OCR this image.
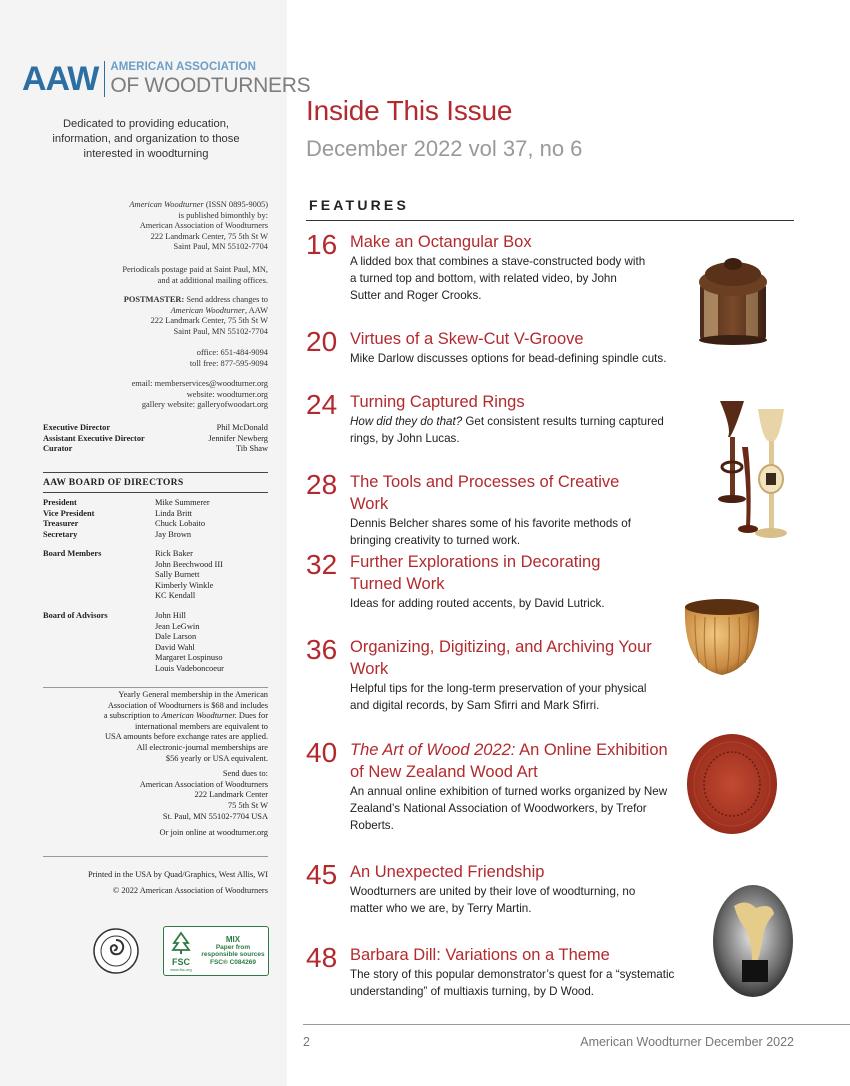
AAW AMERICAN ASSOCIATION
OF WOODTURNERS
Dedicated to providing education, information, and organization to those interested in woodturning

American Woodturner (ISSN 0895-9005)

is published bimonthly by:

American Association of Woodturners

222 Landmark Center, 75 5th St W

Saint Paul, MN 55102-7704

Periodicals postage paid at Saint Paul, MN,

and at additional mailing offices.

POSTMASTER: Send address changes to

American Woodturner, AAW

222 Landmark Center, 75 5th St W

Saint Paul, MN 55102-7704

office: 651-484-9094

toll free: 877-595-9094

email: memberservices@woodturner.org

website: woodturner.org

gallery website: galleryofwoodart.org

Executive Director	Phil McDonald
Assistant Executive Director	Jennifer Newberg
Curator	Tib Shaw
AAW BOARD OF DIRECTORS
President	Mike Summerer
Vice President	Linda Britt
Treasurer	Chuck Lobaito
Secretary	Jay Brown
Board Members	Rick Baker
John Beechwood III
Sally Burnett
Kimberly Winkle
KC Kendall
Board of Advisors	John Hill
Jean LeGwin
Dale Larson
David Wahl
Margaret Lospinuso
Louis Vadeboncoeur

Yearly General membership in the American

Association of Woodturners is $68 and includes

a subscription to American Woodturner. Dues for

international members are equivalent to

USA amounts before exchange rates are applied.

All electronic-journal memberships are

$56 yearly or USA equivalent.

Send dues to:

American Association of Woodturners

222 Landmark Center

75 5th St W

St. Paul, MN 55102-7704 USA

Or join online at woodturner.org

Printed in the USA by Quad/Graphics, West Allis, WI

© 2022 American Association of Woodturners

FSC
www.fsc.org
MIX
Paper from
responsible sources
FSC® C084269
Inside This Issue
December 2022 vol 37, no 6
FEATURES
16 Make an Octangular Box
A lidded box that combines a stave-constructed body with a turned top and bottom, with related video, by John Sutter and Roger Crooks.
20 Virtues of a Skew-Cut V-Groove
Mike Darlow discusses options for bead-defining spindle cuts.
24 Turning Captured Rings
How did they do that? Get consistent results turning captured rings, by John Lucas.
28 The Tools and Processes of Creative Work
Dennis Belcher shares some of his favorite methods of bringing creativity to turned work.
32 Further Explorations in Decorating Turned Work
Ideas for adding routed accents, by David Lutrick.
36 Organizing, Digitizing, and Archiving Your Work
Helpful tips for the long-term preservation of your physical and digital records, by Sam Sfirri and Mark Sfirri.
40 The Art of Wood 2022: An Online Exhibition of New Zealand Wood Art
An annual online exhibition of turned works organized by New Zealand’s National Association of Woodworkers, by Trefor Roberts.
45 An Unexpected Friendship
Woodturners are united by their love of woodturning, no matter who we are, by Terry Martin.
48 Barbara Dill: Variations on a Theme
The story of this popular demonstrator’s quest for a “systematic understanding” of multiaxis turning, by D Wood.
2	American Woodturner December 2022
